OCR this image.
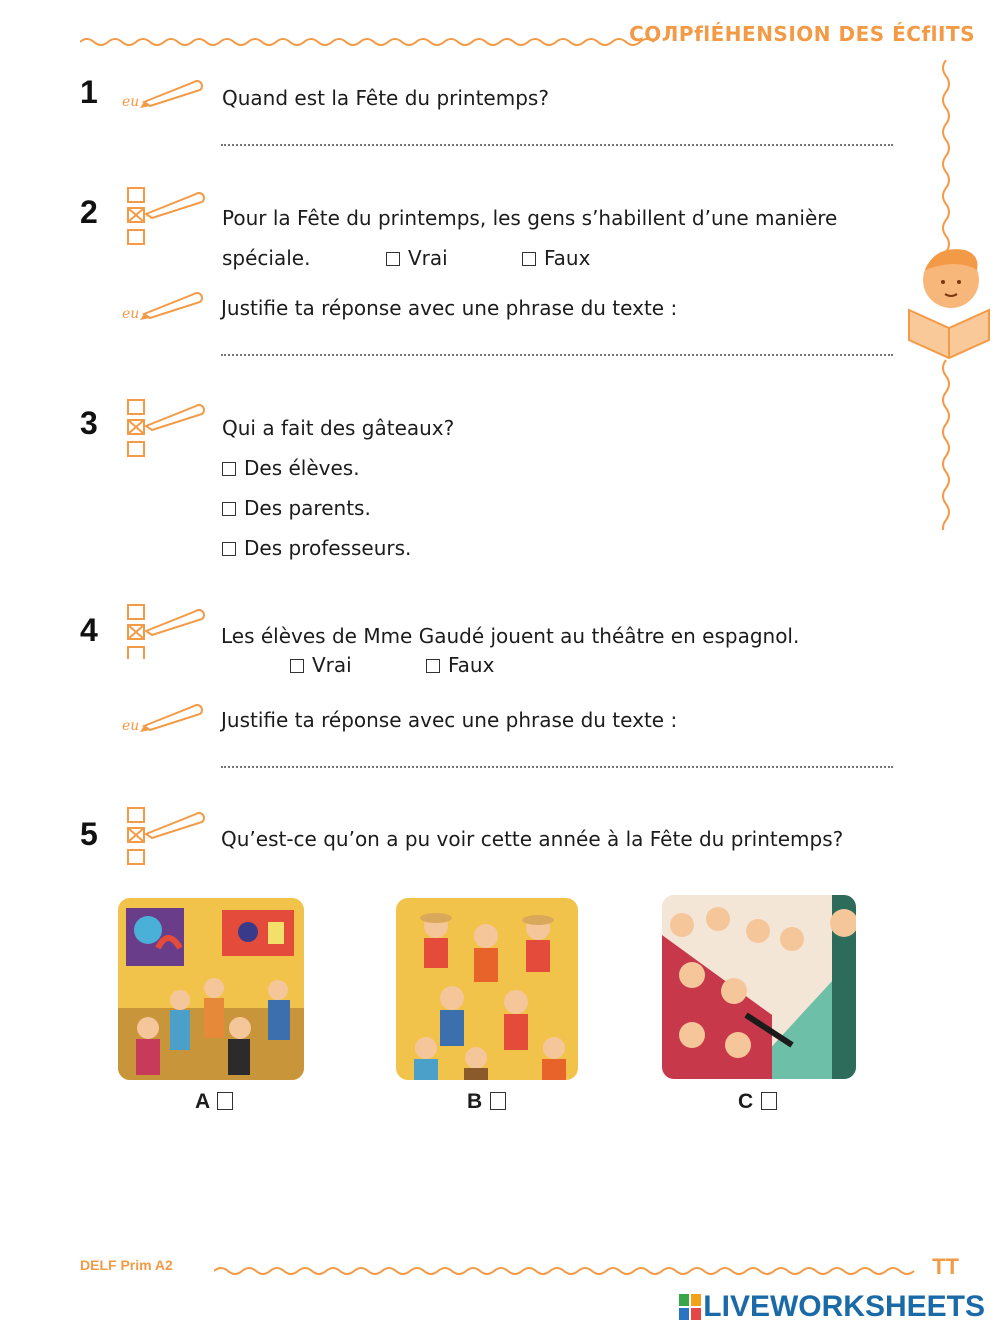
COЛPflÉHENSION DES ÉCflITS
1 eu	Quand est la Fête du printemps?
2	Pour la Fête du printemps, les gens s’habillent d’une manière
spéciale.	Vrai	Faux
eu	Justifie ta réponse avec une phrase du texte :
3	Qui a fait des gâteaux?
Des élèves.
Des parents.
Des professeurs.
4	Les élèves de Mme Gaudé jouent au théâtre en espagnol.
Vrai	Faux
eu	Justifie ta réponse avec une phrase du texte :
5	Qu’est-ce qu’on a pu voir cette année à la Fête du printemps?
A	B	C
DELF Prim A2	TT
LIVEWORKSHEETS
